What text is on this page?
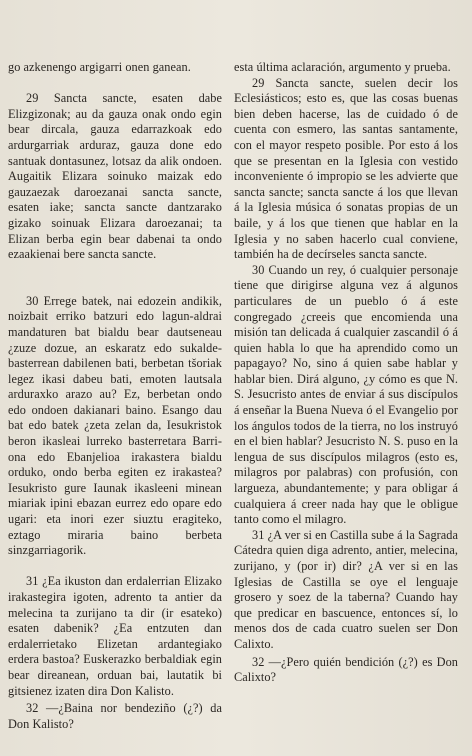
go azkenengo argigarri onen ganean.

29 Sancta sancte, esaten dabe Elizgizonak; au da gauza onak ondo egin bear dircala, gauza edarrazkoak edo ardurgarriak arduraz, gauza done edo santuak dontasunez, lotsaz da alik ondoen. Augaitik Elizara soinuko maizak edo gauzaezak daroezanai sancta sancte, esaten iake; sancta sancte dantzarako gizako soinuak Elizara daroezanai; ta Elizan berba egin bear dabenai ta ondo ezaakienai bere sancta sancte.

30 Errege batek, nai edozein andikik, noizbait erriko batzuri edo lagun-aldrai mandaturen bat bialdu bear dautseneau ¿zuze dozue, an eskaratz edo sukalde-basterrean dabilenen bati, berbetan tšoriak legez ikasi dabeu bati, emoten lautsala arduraxko arazo au? Ez, berbetan ondo edo ondoen dakianari baino. Esango dau bat edo batek ¿zeta zelan da, Iesukristok beron ikasleai lurreko basterretara Barri-ona edo Ebanjelioa irakastera bialdu orduko, ondo berba egiten ez irakastea? Iesukristo gure Iaunak ikasleeni minean miariak ipini ebazan eurrez edo opare edo ugari: eta inori ezer siuztu eragiteko, eztago miraria baino berbeta sinzgarriagorik.

31 ¿Ea ikuston dan erdalerrian Elizako irakastegira igoten, adrento ta antier da melecina ta zurijano ta dir (ir esateko) esaten dabenik? ¿Ea entzuten dan erdalerrietako Elizetan ardantegiako erdera bastoa? Euskerazko berbaldiak egin bear direanean, orduan bai, lautatik bi gitsienez izaten dira Don Kalisto.

32 —¿Baina nor bendeziño (¿?) da Don Kalisto?

esta última aclaración, argumento y prueba.

29 Sancta sancte, suelen decir los Eclesiásticos; esto es, que las cosas buenas bien deben hacerse, las de cuidado ó de cuenta con esmero, las santas santamente, con el mayor respeto posible. Por esto á los que se presentan en la Iglesia con vestido inconveniente ó impropio se les advierte que sancta sancte; sancta sancte á los que llevan á la Iglesia música ó sonatas propias de un baile, y á los que tienen que hablar en la Iglesia y no saben hacerlo cual conviene, también ha de decírseles sancta sancte.

30 Cuando un rey, ó cualquier personaje tiene que dirigirse alguna vez á algunos particulares de un pueblo ó á este congregado ¿creeis que encomienda una misión tan delicada á cualquier zascandil ó á quien habla lo que ha aprendido como un papagayo? No, sino á quien sabe hablar y hablar bien. Dirá alguno, ¿y cómo es que N. S. Jesucristo antes de enviar á sus discípulos á enseñar la Buena Nueva ó el Evangelio por los ángulos todos de la tierra, no los instruyó en el bien hablar? Jesucristo N. S. puso en la lengua de sus discípulos milagros (esto es, milagros por palabras) con profusión, con largueza, abundantemente; y para obligar á cualquiera á creer nada hay que le obligue tanto como el milagro.

31 ¿A ver si en Castilla sube á la Sagrada Cátedra quien diga adrento, antier, melecina, zurijano, y (por ir) dir? ¿A ver si en las Iglesias de Castilla se oye el lenguaje grosero y soez de la taberna? Cuando hay que predicar en bascuence, entonces sí, lo menos dos de cada cuatro suelen ser Don Calixto.

32 —¿Pero quién bendición (¿?) es Don Calixto?
